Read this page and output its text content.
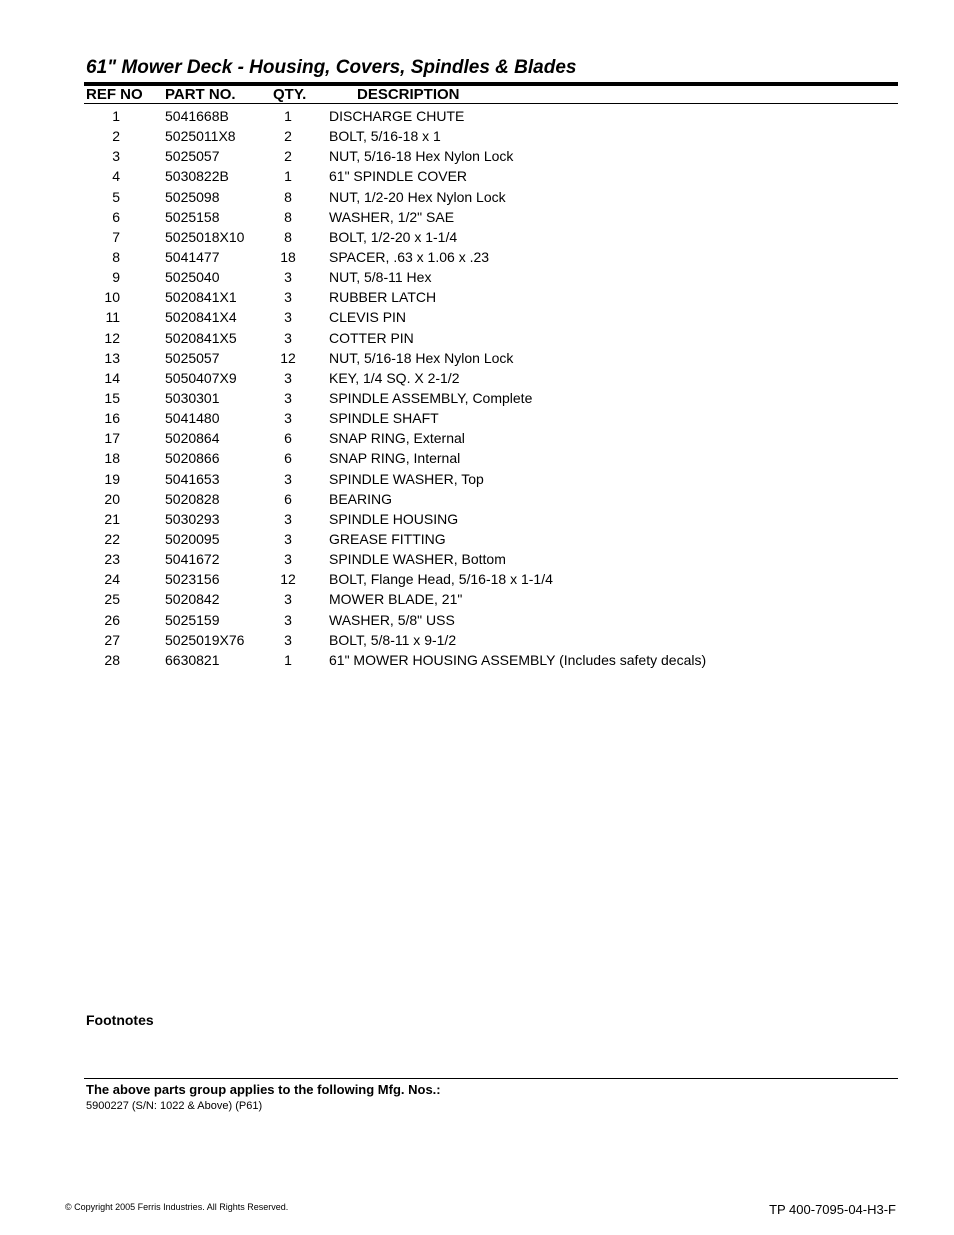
61" Mower Deck - Housing, Covers, Spindles & Blades
REF NO PART NO. QTY.	DESCRIPTION
1	5041668B	1	DISCHARGE CHUTE
2	5025011X8	2	BOLT, 5/16-18 x 1
3	5025057	2	NUT, 5/16-18 Hex Nylon Lock
4	5030822B	1	61" SPINDLE COVER
5	5025098	8	NUT, 1/2-20 Hex Nylon Lock
6	5025158	8	WASHER, 1/2" SAE
7	5025018X10	8	BOLT, 1/2-20 x 1-1/4
8	5041477	18	SPACER, .63 x 1.06 x .23
9	5025040	3	NUT, 5/8-11 Hex
10	5020841X1	3	RUBBER LATCH
11	5020841X4	3	CLEVIS PIN
12	5020841X5	3	COTTER PIN
13	5025057	12	NUT, 5/16-18 Hex Nylon Lock
14	5050407X9	3	KEY, 1/4 SQ. X 2-1/2
15	5030301	3	SPINDLE ASSEMBLY, Complete
16	5041480	3	SPINDLE SHAFT
17	5020864	6	SNAP RING, External
18	5020866	6	SNAP RING, Internal
19	5041653	3	SPINDLE WASHER, Top
20	5020828	6	BEARING
21	5030293	3	SPINDLE HOUSING
22	5020095	3	GREASE FITTING
23	5041672	3	SPINDLE WASHER, Bottom
24	5023156	12	BOLT, Flange Head, 5/16-18 x 1-1/4
25	5020842	3	MOWER BLADE, 21"
26	5025159	3	WASHER, 5/8" USS
27	5025019X76	3	BOLT, 5/8-11 x 9-1/2
28	6630821	1	61" MOWER HOUSING ASSEMBLY (Includes safety decals)
Footnotes
The above parts group applies to the following Mfg. Nos.:
5900227 (S/N: 1022 & Above) (P61)
© Copyright 2005 Ferris Industries. All Rights Reserved.	TP 400-7095-04-H3-F
